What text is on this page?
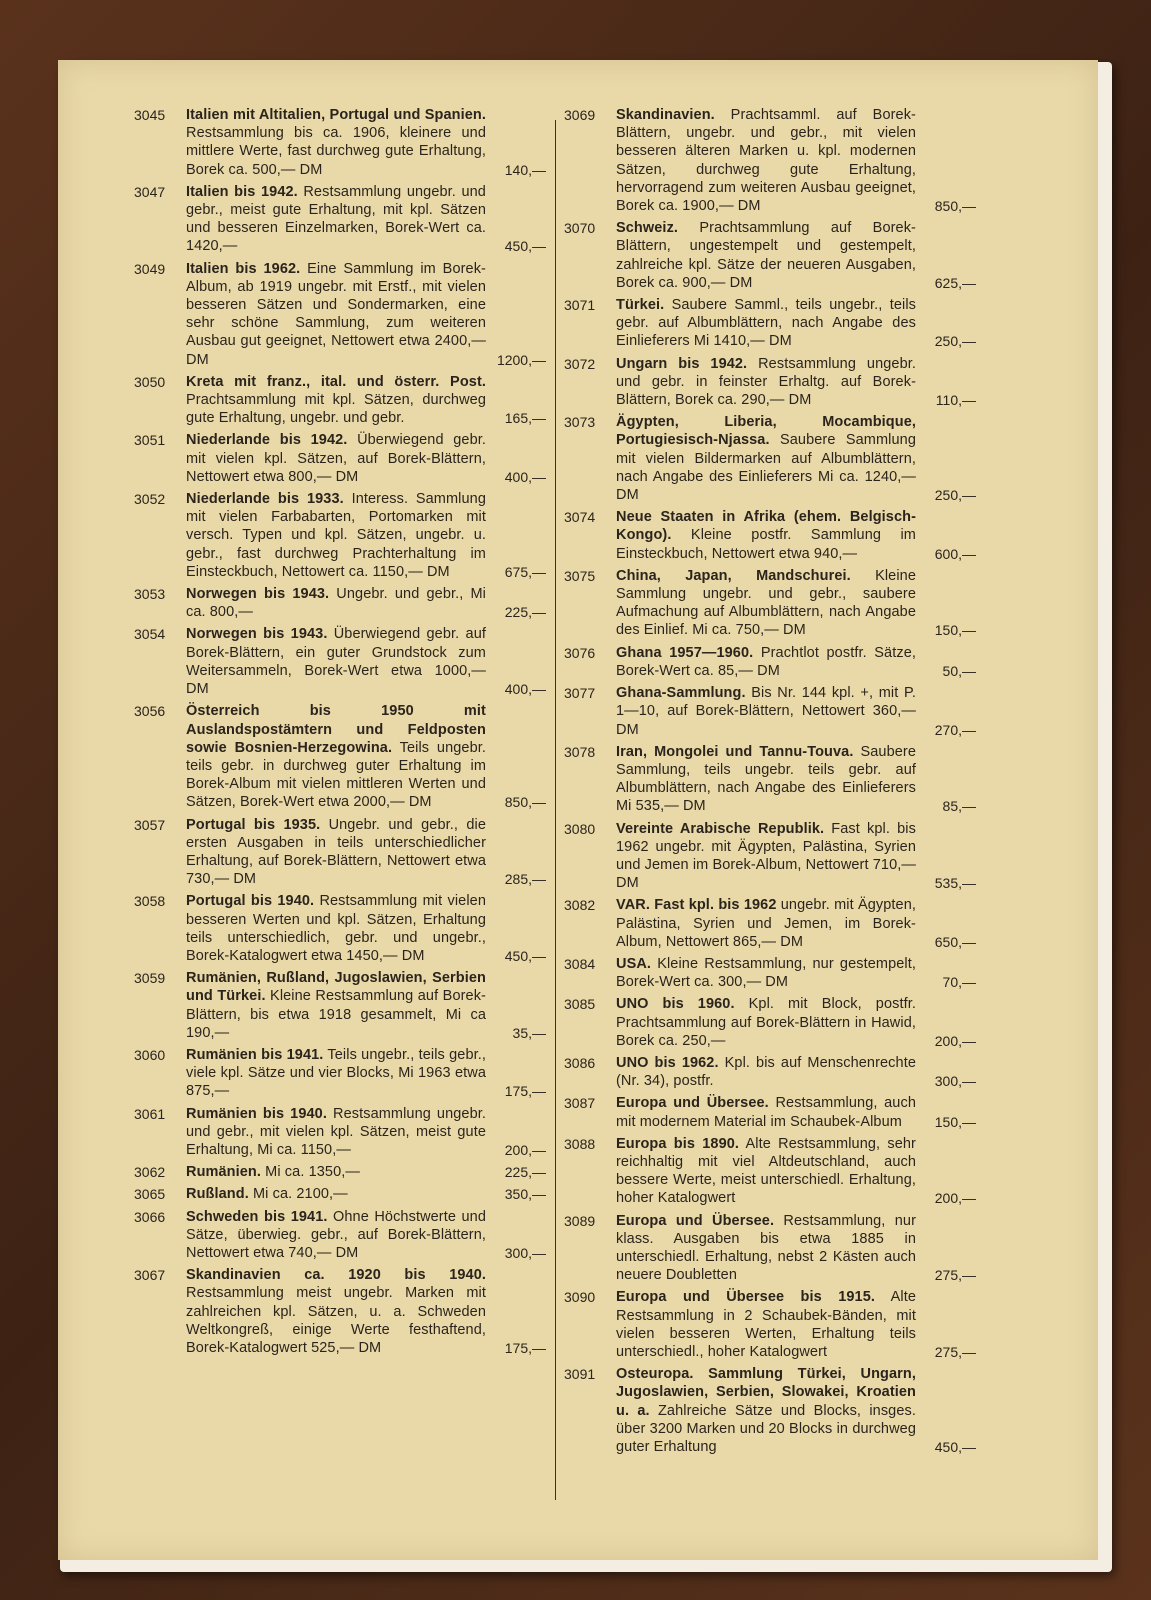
3045	Italien mit Altitalien, Portugal und Spanien. Restsammlung bis ca. 1906, kleinere und mittlere Werte, fast durchweg gute Erhaltung, Borek ca. 500,— DM	140,—
3047	Italien bis 1942. Restsammlung ungebr. und gebr., meist gute Erhaltung, mit kpl. Sätzen und besseren Einzelmarken, Borek-Wert ca. 1420,—	450,—
3049	Italien bis 1962. Eine Sammlung im Borek-Album, ab 1919 ungebr. mit Erstf., mit vielen besseren Sätzen und Sondermarken, eine sehr schöne Sammlung, zum weiteren Ausbau gut geeignet, Nettowert etwa 2400,— DM	1200,—
3050	Kreta mit franz., ital. und österr. Post. Prachtsammlung mit kpl. Sätzen, durchweg gute Erhaltung, ungebr. und gebr.	165,—
3051	Niederlande bis 1942. Überwiegend gebr. mit vielen kpl. Sätzen, auf Borek-Blättern, Nettowert etwa 800,— DM	400,—
3052	Niederlande bis 1933. Interess. Sammlung mit vielen Farbabarten, Portomarken mit versch. Typen und kpl. Sätzen, ungebr. u. gebr., fast durchweg Prachterhaltung im Einsteckbuch, Nettowert ca. 1150,— DM	675,—
3053	Norwegen bis 1943. Ungebr. und gebr., Mi ca. 800,—	225,—
3054	Norwegen bis 1943. Überwiegend gebr. auf Borek-Blättern, ein guter Grundstock zum Weitersammeln, Borek-Wert etwa 1000,— DM	400,—
3056	Österreich bis 1950 mit Auslandspostämtern und Feldposten sowie Bosnien-Herzegowina. Teils ungebr. teils gebr. in durchweg guter Erhaltung im Borek-Album mit vielen mittleren Werten und Sätzen, Borek-Wert etwa 2000,— DM	850,—
3057	Portugal bis 1935. Ungebr. und gebr., die ersten Ausgaben in teils unterschiedlicher Erhaltung, auf Borek-Blättern, Nettowert etwa 730,— DM	285,—
3058	Portugal bis 1940. Restsammlung mit vielen besseren Werten und kpl. Sätzen, Erhaltung teils unterschiedlich, gebr. und ungebr., Borek-Katalogwert etwa 1450,— DM	450,—
3059	Rumänien, Rußland, Jugoslawien, Serbien und Türkei. Kleine Restsammlung auf Borek-Blättern, bis etwa 1918 gesammelt, Mi ca 190,—	35,—
3060	Rumänien bis 1941. Teils ungebr., teils gebr., viele kpl. Sätze und vier Blocks, Mi 1963 etwa 875,—	175,—
3061	Rumänien bis 1940. Restsammlung ungebr. und gebr., mit vielen kpl. Sätzen, meist gute Erhaltung, Mi ca. 1150,—	200,—
3062	Rumänien. Mi ca. 1350,—	225,—
3065	Rußland. Mi ca. 2100,—	350,—
3066	Schweden bis 1941. Ohne Höchstwerte und Sätze, überwieg. gebr., auf Borek-Blättern, Nettowert etwa 740,— DM	300,—
3067	Skandinavien ca. 1920 bis 1940. Restsammlung meist ungebr. Marken mit zahlreichen kpl. Sätzen, u. a. Schweden Weltkongreß, einige Werte festhaftend, Borek-Katalogwert 525,— DM	175,—
3069	Skandinavien. Prachtsamml. auf Borek-Blättern, ungebr. und gebr., mit vielen besseren älteren Marken u. kpl. modernen Sätzen, durchweg gute Erhaltung, hervorragend zum weiteren Ausbau geeignet, Borek ca. 1900,— DM	850,—
3070	Schweiz. Prachtsammlung auf Borek-Blättern, ungestempelt und gestempelt, zahlreiche kpl. Sätze der neueren Ausgaben, Borek ca. 900,— DM	625,—
3071	Türkei. Saubere Samml., teils ungebr., teils gebr. auf Albumblättern, nach Angabe des Einlieferers Mi 1410,— DM	250,—
3072	Ungarn bis 1942. Restsammlung ungebr. und gebr. in feinster Erhaltg. auf Borek-Blättern, Borek ca. 290,— DM	110,—
3073	Ägypten, Liberia, Mocambique, Portugiesisch-Njassa. Saubere Sammlung mit vielen Bildermarken auf Albumblättern, nach Angabe des Einlieferers Mi ca. 1240,— DM	250,—
3074	Neue Staaten in Afrika (ehem. Belgisch-Kongo). Kleine postfr. Sammlung im Einsteckbuch, Nettowert etwa 940,—	600,—
3075	China, Japan, Mandschurei. Kleine Sammlung ungebr. und gebr., saubere Aufmachung auf Albumblättern, nach Angabe des Einlief. Mi ca. 750,— DM	150,—
3076	Ghana 1957—1960. Prachtlot postfr. Sätze, Borek-Wert ca. 85,— DM	50,—
3077	Ghana-Sammlung. Bis Nr. 144 kpl. +, mit P. 1—10, auf Borek-Blättern, Nettowert 360,— DM	270,—
3078	Iran, Mongolei und Tannu-Touva. Saubere Sammlung, teils ungebr. teils gebr. auf Albumblättern, nach Angabe des Einlieferers Mi 535,— DM	85,—
3080	Vereinte Arabische Republik. Fast kpl. bis 1962 ungebr. mit Ägypten, Palästina, Syrien und Jemen im Borek-Album, Nettowert 710,— DM	535,—
3082	VAR. Fast kpl. bis 1962 ungebr. mit Ägypten, Palästina, Syrien und Jemen, im Borek-Album, Nettowert 865,— DM	650,—
3084	USA. Kleine Restsammlung, nur gestempelt, Borek-Wert ca. 300,— DM	70,—
3085	UNO bis 1960. Kpl. mit Block, postfr. Prachtsammlung auf Borek-Blättern in Hawid, Borek ca. 250,—	200,—
3086	UNO bis 1962. Kpl. bis auf Menschenrechte (Nr. 34), postfr.	300,—
3087	Europa und Übersee. Restsammlung, auch mit modernem Material im Schaubek-Album	150,—
3088	Europa bis 1890. Alte Restsammlung, sehr reichhaltig mit viel Altdeutschland, auch bessere Werte, meist unterschiedl. Erhaltung, hoher Katalogwert	200,—
3089	Europa und Übersee. Restsammlung, nur klass. Ausgaben bis etwa 1885 in unterschiedl. Erhaltung, nebst 2 Kästen auch neuere Doubletten	275,—
3090	Europa und Übersee bis 1915. Alte Restsammlung in 2 Schaubek-Bänden, mit vielen besseren Werten, Erhaltung teils unterschiedl., hoher Katalogwert	275,—
3091	Osteuropa. Sammlung Türkei, Ungarn, Jugoslawien, Serbien, Slowakei, Kroatien u. a. Zahlreiche Sätze und Blocks, insges. über 3200 Marken und 20 Blocks in durchweg guter Erhaltung	450,—
